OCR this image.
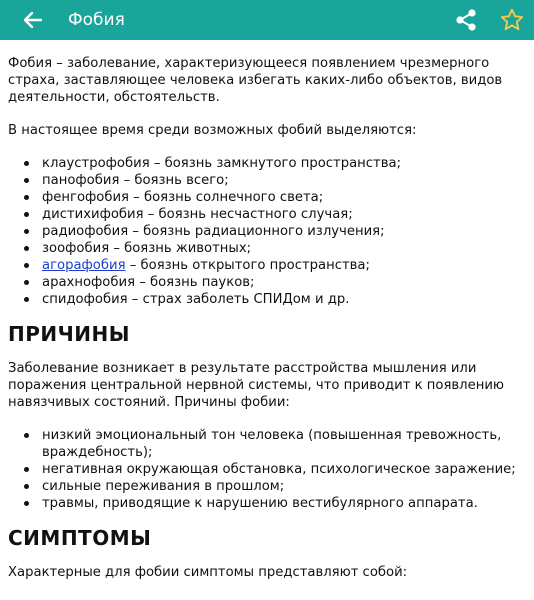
Фобия

Фобия – заболевание, характеризующееся появлением чрезмерного страха, заставляющее человека избегать каких-либо объектов, видов деятельности, обстоятельств.

В настоящее время среди возможных фобий выделяются:

клаустрофобия – боязнь замкнутого пространства;
панофобия – боязнь всего;
фенгофобия – боязнь солнечного света;
дистихифобия – боязнь несчастного случая;
радиофобия – боязнь радиационного излучения;
зоофобия – боязнь животных;
агорафобия – боязнь открытого пространства;
арахнофобия – боязнь пауков;
спидофобия – страх заболеть СПИДом и др.
ПРИЧИНЫ

Заболевание возникает в результате расстройства мышления или поражения центральной нервной системы, что приводит к появлению навязчивых состояний. Причины фобии:

низкий эмоциональный тон человека (повышенная тревожность, враждебность);
негативная окружающая обстановка, психологическое заражение;
сильные переживания в прошлом;
травмы, приводящие к нарушению вестибулярного аппарата.
СИМПТОМЫ

Характерные для фобии симптомы представляют собой:
